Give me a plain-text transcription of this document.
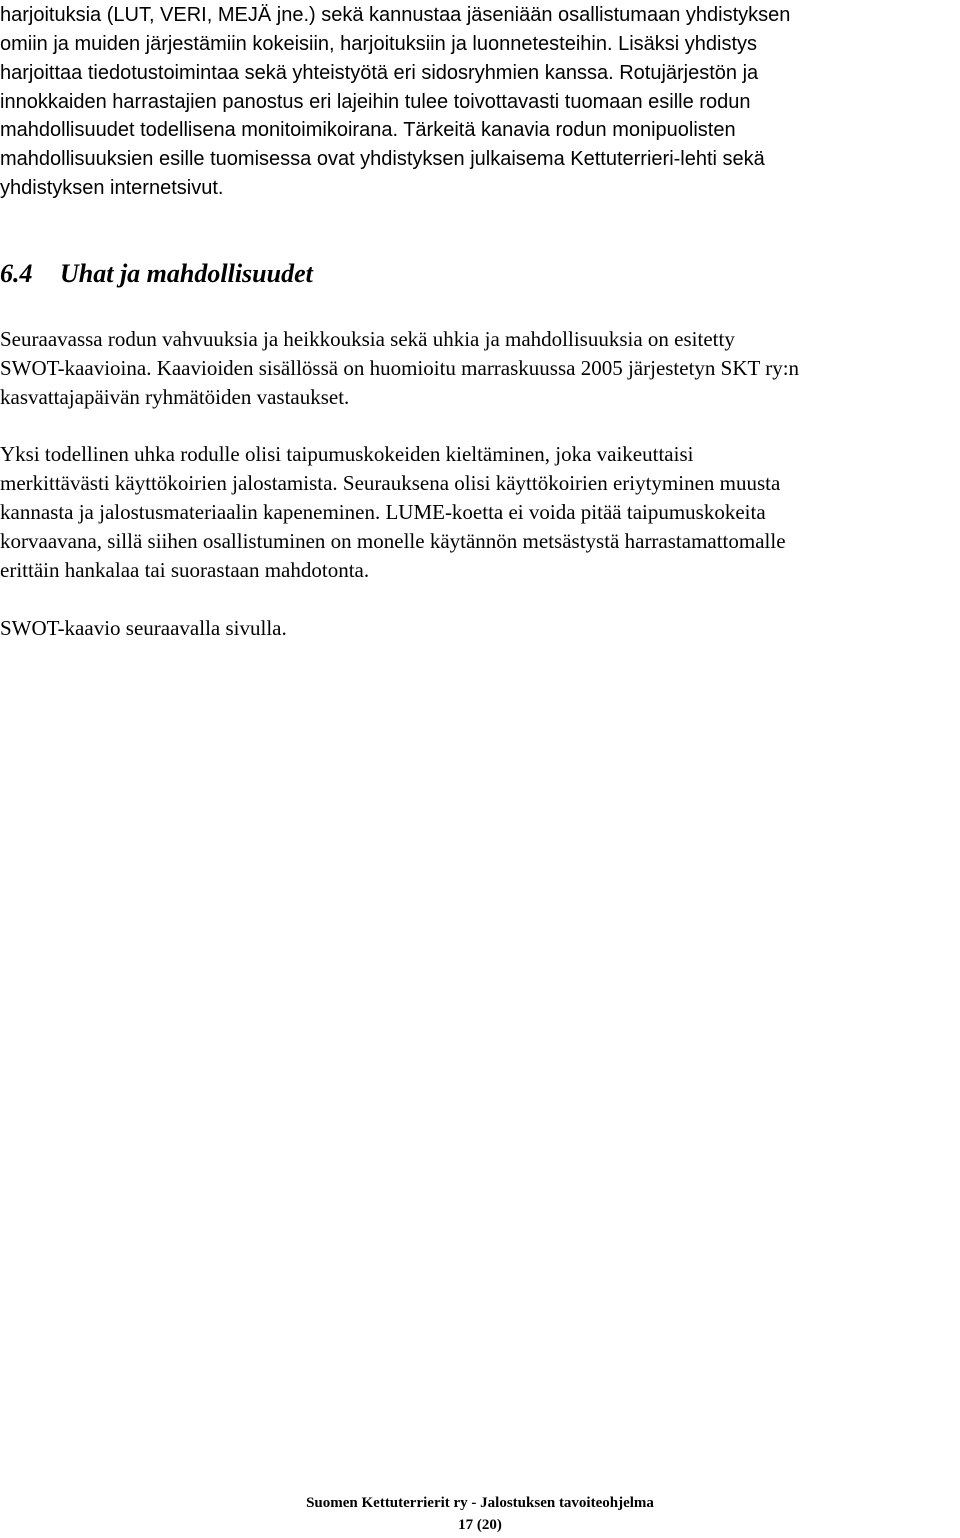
harjoituksia (LUT, VERI, MEJÄ jne.) sekä kannustaa jäseniään osallistumaan yhdistyksen
omiin ja muiden järjestämiin kokeisiin, harjoituksiin ja luonnetesteihin. Lisäksi yhdistys
harjoittaa tiedotustoimintaa sekä yhteistyötä eri sidosryhmien kanssa. Rotujärjestön ja
innokkaiden harrastajien panostus eri lajeihin tulee toivottavasti tuomaan esille rodun
mahdollisuudet todellisena monitoimikoirana. Tärkeitä kanavia rodun monipuolisten
mahdollisuuksien esille tuomisessa ovat yhdistyksen julkaisema Kettuterrieri-lehti sekä
yhdistyksen internetsivut.
6.4 Uhat ja mahdollisuudet
Seuraavassa rodun vahvuuksia ja heikkouksia sekä uhkia ja mahdollisuuksia on esitetty
SWOT-kaavioina. Kaavioiden sisällössä on huomioitu marraskuussa 2005 järjestetyn SKT ry:n
kasvattajapäivän ryhmätöiden vastaukset.
Yksi todellinen uhka rodulle olisi taipumuskokeiden kieltäminen, joka vaikeuttaisi
merkittävästi käyttökoirien jalostamista. Seurauksena olisi käyttökoirien eriytyminen muusta
kannasta ja jalostusmateriaalin kapeneminen. LUME-koetta ei voida pitää taipumuskokeita
korvaavana, sillä siihen osallistuminen on monelle käytännön metsästystä harrastamattomalle
erittäin hankalaa tai suorastaan mahdotonta.
SWOT-kaavio seuraavalla sivulla.
Suomen Kettuterrierit ry - Jalostuksen tavoiteohjelma
17 (20)
